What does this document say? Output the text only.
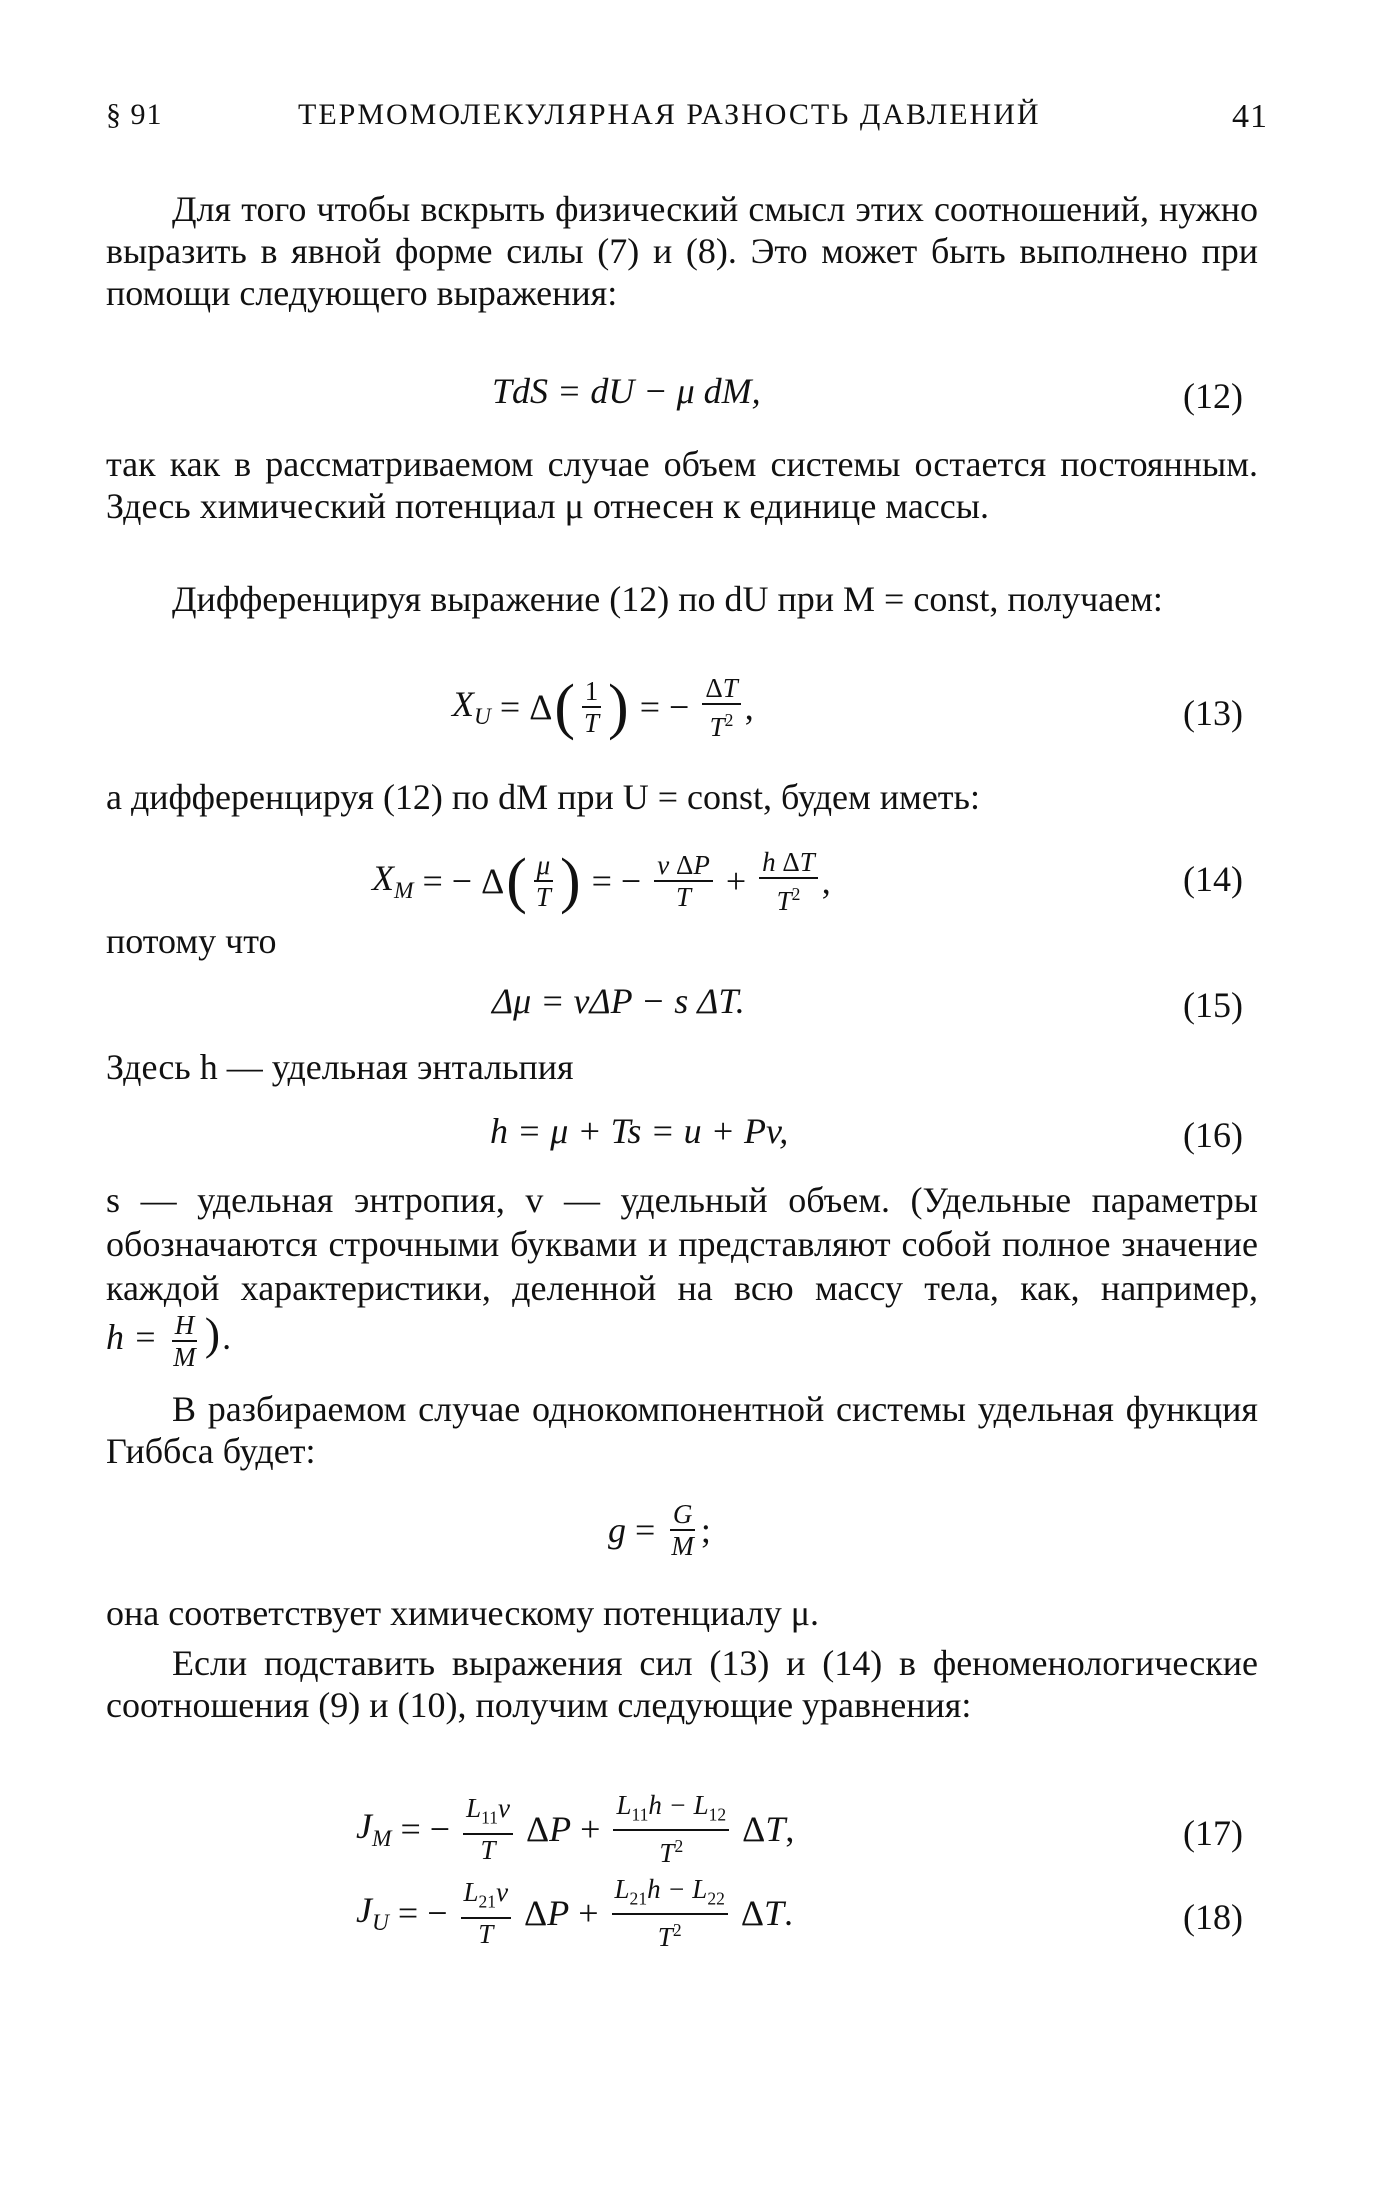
§ 91	ТЕРМОМОЛЕКУЛЯРНАЯ РАЗНОСТЬ ДАВЛЕНИЙ	41
Для того чтобы вскрыть физический смысл этих соотношений, нужно выразить в явной форме силы (7) и (8). Это может быть выполнено при помощи следующего выражения:
TdS = dU − μ dM,	(12)
так как в рассматриваемом случае объем системы остается постоянным. Здесь химический потенциал μ отнесен к единице массы.
Дифференцируя выражение (12) по dU при M = const, получаем:
$X_U = \Delta$ ( $\frac{1}{T}$ ) = − $\frac{\Delta T}{T^2}$ ,	(13)
а дифференцируя (12) по dM при U = const, будем иметь:
$X_M$ = − Δ ( $\frac{\mu}{T}$ ) = − $\frac{\text{v ΔP}}{T} + \frac{\text{h ΔT}}{T^2}$ ,	(14)
потому что
Δμ = vΔP − s ΔT.	(15)
Здесь h — удельная энтальпия
h = μ + Ts = u + Pv,	(16)
s — удельная энтропия, v — удельный объем. (Удельные параметры обозначаются строчными буквами и представляют собой полное значение каждой характеристики, деленной на всю массу тела, как, например, $h = \frac{H}{M}$ ).
В разбираемом случае однокомпонентной системы удельная функция Гиббса будет:
$g = \frac{G}{M}$ ;
она соответствует химическому потенциалу μ.
Если подставить выражения сил (13) и (14) в феноменологические соотношения (9) и (10), получим следующие уравнения:
$J_M$ = − $\frac{L_{11}v}{T}$ Δ $P + \frac{L_{11}h - L_{12}}{T^2}$ Δ T ,	(17)
$J_U$ = − $\frac{L_{21}v}{T}$ Δ $P + \frac{L_{21}h - L_{22}}{T^2}$ Δ T .	(18)
